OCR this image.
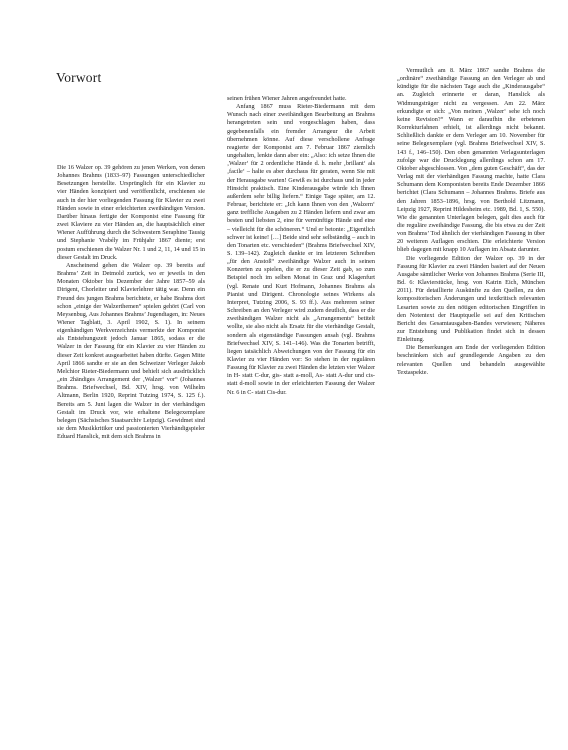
Vorwort

Die 16 Walzer op. 39 gehören zu jenen Werken, von denen Johannes Brahms (1833–97) Fassungen unterschiedlicher Besetzungen herstellte. Ursprünglich für ein Klavier zu vier Händen konzipiert und veröffentlicht, erschienen sie auch in der hier vorliegenden Fassung für Klavier zu zwei Händen sowie in einer erleichterten zweihändigen Version. Darüber hinaus fertigte der Komponist eine Fassung für zwei Klaviere zu vier Händen an, die hauptsächlich einer Wiener Aufführung durch die Schwestern Seraphine Tausig und Stephanie Vrabély im Frühjahr 1867 diente; erst postum erschienen die Walzer Nr. 1 und 2, 11, 14 und 15 in dieser Gestalt im Druck.

Anscheinend gehen die Walzer op. 39 bereits auf Brahms’ Zeit in Detmold zurück, wo er jeweils in den Monaten Oktober bis Dezember der Jahre 1857–59 als Dirigent, Chorleiter und Klavierlehrer tätig war. Denn ein Freund des jungen Brahms berichtete, er habe Brahms dort schon „einige der Walzerthemen“ spielen gehört (Carl von Meysenbug, Aus Johannes Brahms’ Jugendtagen, in: Neues Wiener Tagblatt, 3. April 1902, S. 1). In seinem eigenhändigen Werkverzeichnis vermerkte der Komponist als Entstehungszeit jedoch Januar 1865, sodass er die Walzer in der Fassung für ein Klavier zu vier Händen zu dieser Zeit konkret ausgearbeitet haben dürfte. Gegen Mitte April 1866 sandte er sie an den Schweizer Verleger Jakob Melchior Rieter-Biedermann und behielt sich ausdrücklich „ein 2händiges Arrangement der ‚Walzer‘ vor“ (Johannes Brahms. Briefwechsel, Bd. XIV, hrsg. von Wilhelm Altmann, Berlin 1920, Reprint Tutzing 1974, S. 125 f.). Bereits am 5. Juni lagen die Walzer in der vierhändigen Gestalt im Druck vor, wie erhaltene Belegexemplare belegen (Sächsisches Staatsarchiv Leipzig). Gewidmet sind sie dem Musikkritiker und passionierten Vierhändigspieler Eduard Hanslick, mit dem sich Brahms in

seinen frühen Wiener Jahren angefreundet hatte.

Anfang 1867 muss Rieter-Biedermann mit dem Wunsch nach einer zweihändigen Bearbeitung an Brahms herangetreten sein und vorgeschlagen haben, dass gegebenenfalls ein fremder Arrangeur die Arbeit übernehmen könne. Auf diese verschollene Anfrage reagierte der Komponist am 7. Februar 1867 ziemlich ungehalten, lenkte dann aber ein: „Also: ich setze Ihnen die ‚Walzer‘ für 2 ordentliche Hände d. h. mehr ‚brillant‘ als ‚facile‘ – halte es aber durchaus für geraten, wenn Sie mit der Herausgabe warten! Gewiß es ist durchaus und in jeder Hinsicht praktisch. Eine Kinderausgabe würde ich Ihnen außerdem sehr billig liefern.“ Einige Tage später, am 12. Februar, berichtete er: „Ich kann Ihnen von den ‚Walzern‘ ganz treffliche Ausgaben zu 2 Händen liefern und zwar am besten und liebsten 2, eine für vernünftige Hände und eine – vielleicht für die schöneren.“ Und er betonte: „Eigentlich schwer ist keine! […] Beide sind sehr selbständig – auch in den Tonarten etc. verschieden“ (Brahms Briefwechsel XIV, S. 139–142). Zugleich dankte er im letzteren Schreiben „für den Anstoß“ zweihändige Walzer auch in seinen Konzerten zu spielen, die er zu dieser Zeit gab, so zum Beispiel noch im selben Monat in Graz und Klagenfurt (vgl. Renate und Kurt Hofmann, Johannes Brahms als Pianist und Dirigent. Chronologie seines Wirkens als Interpret, Tutzing 2006, S. 93 ff.). Aus mehreren seiner Schreiben an den Verleger wird zudem deutlich, dass er die zweihändigen Walzer nicht als „Arrangements“ betitelt wollte, sie also nicht als Ersatz für die vierhändige Gestalt, sondern als eigenständige Fassungen ansah (vgl. Brahms Briefwechsel XIV, S. 141–146). Was die Tonarten betrifft, liegen tatsächlich Abweichungen von der Fassung für ein Klavier zu vier Händen vor: So stehen in der regulären Fassung für Klavier zu zwei Händen die letzten vier Walzer in H- statt C-dur, gis- statt a-moll, As- statt A-dur und cis- statt d-moll sowie in der erleichterten Fassung der Walzer Nr. 6 in C- statt Cis-dur.

Vermutlich am 8. März 1867 sandte Brahms die „ordinäre“ zweihändige Fassung an den Verleger ab und kündigte für die nächsten Tage auch die „Kinderausgabe“ an. Zugleich erinnerte er daran, Hanslick als Widmungsträger nicht zu vergessen. Am 22. März erkundigte er sich: „Von meinen ‚Walzer‘ sehe ich noch keine Revision?“ Wann er daraufhin die erbetenen Korrekturfahnen erhielt, ist allerdings nicht bekannt. Schließlich dankte er dem Verleger am 10. November für seine Belegexemplare (vgl. Brahms Briefwechsel XIV, S. 143 f., 146–150). Den oben genannten Verlagsunterlagen zufolge war die Drucklegung allerdings schon am 17. Oktober abgeschlossen. Von „dem guten Geschäft“, das der Verlag mit der vierhändigen Fassung machte, hatte Clara Schumann dem Komponisten bereits Ende Dezember 1866 berichtet (Clara Schumann – Johannes Brahms. Briefe aus den Jahren 1853–1896, hrsg. von Berthold Litzmann, Leipzig 1927, Reprint Hildesheim etc. 1989, Bd. 1, S. 550). Wie die genannten Unterlagen belegen, galt dies auch für die reguläre zweihändige Fassung, die bis etwa zu der Zeit von Brahms’ Tod ähnlich der vierhändigen Fassung in über 20 weiteren Auflagen erschien. Die erleichterte Version blieb dagegen mit knapp 10 Auflagen im Absatz darunter.

Die vorliegende Edition der Walzer op. 39 in der Fassung für Klavier zu zwei Händen basiert auf der Neuen Ausgabe sämtlicher Werke von Johannes Brahms (Serie III, Bd. 6: Klavierstücke, hrsg. von Katrin Eich, München 2011). Für detaillierte Auskünfte zu den Quellen, zu den kompositorischen Änderungen und textkritisch relevanten Lesarten sowie zu den nötigen editorischen Eingriffen in den Notentext der Hauptquelle sei auf den Kritischen Bericht des Gesamtausgaben-Bandes verwiesen; Näheres zur Entstehung und Publikation findet sich in dessen Einleitung.

Die Bemerkungen am Ende der vorliegenden Edition beschränken sich auf grundlegende Angaben zu den relevanten Quellen und behandeln ausgewählte Textaspekte.
